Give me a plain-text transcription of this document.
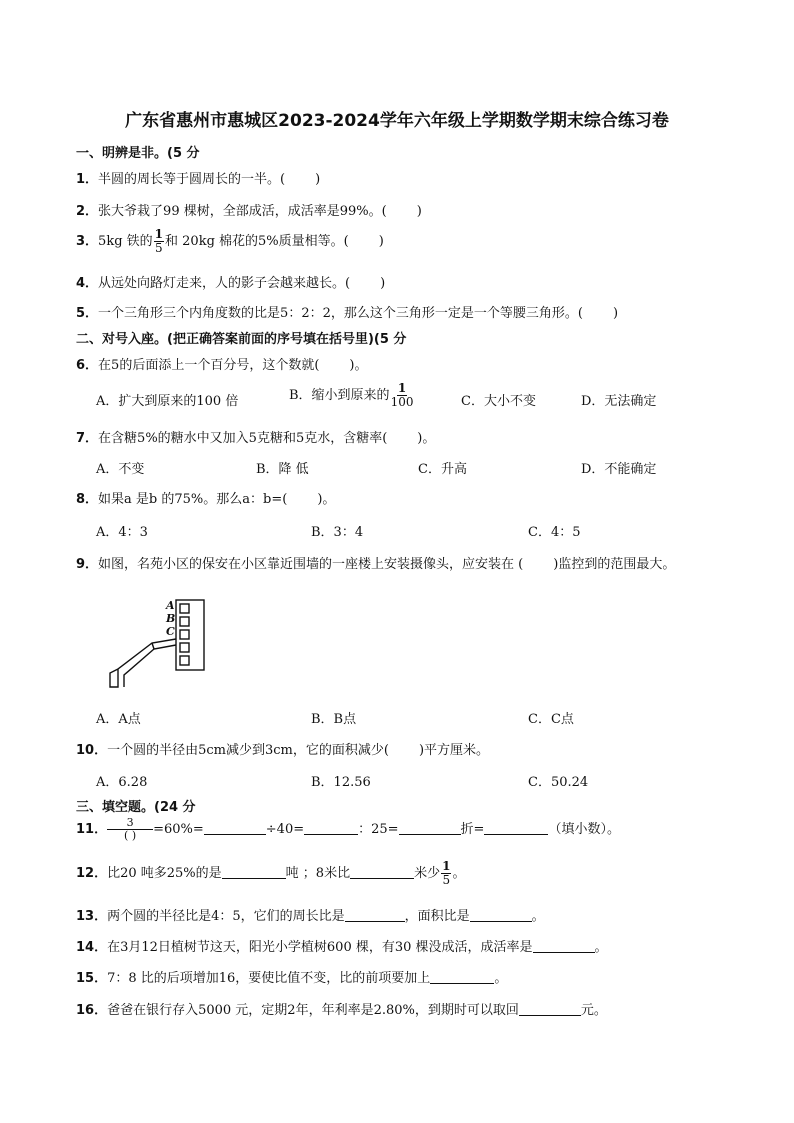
广东省惠州市惠城区2023-2024学年六年级上学期数学期末综合练习卷
一、明辨是非。(5 分
1．半圆的周长等于圆周长的一半。( )
2．张大爷栽了99 棵树，全部成活，成活率是99%。( )
3．5kg 铁的 $\frac{1}{5}$ 和 20kg 棉花的5%质量相等。( )
4．从远处向路灯走来，人的影子会越来越长。( )
5．一个三角形三个内角度数的比是5：2：2，那么这个三角形一定是一个等腰三角形。( )
二、对号入座。(把正确答案前面的序号填在括号里)(5 分
6．在5的后面添上一个百分号，这个数就( )。
A．扩大到原来的100 倍	B．缩小到原来的 $\frac{1}{100}$	C．大小不变	D．无法确定
7．在含糖5%的糖水中又加入5克糖和5克水，含糖率( )。
A．不变	B．降 低	C．升高	D．不能确定
8．如果a 是b 的75%。那么a：b=( )。
A．4：3	B．3：4	C．4：5
9．如图，名苑小区的保安在小区靠近围墙的一座楼上安装摄像头，应安装在 ( )监控到的范围最大。
A
B
C
A．A点	B．B点	C．C点
10．一个圆的半径由5cm减少到3cm，它的面积减少( )平方厘米。
A．6.28	B．12.56	C．50.24
三、填空题。(24 分
11． $\frac{3}{( )} =60\%=$	÷40=	：25=	折=	（填小数）。
12．比20 吨多25%的是	吨 ；8米比	米少 $\frac{1}{5}$ 。
13．两个圆的半径比是4：5，它们的周长比是	，面积比是	。
14．在3月12日植树节这天，阳光小学植树600 棵，有30 棵没成活，成活率是	。
15．7：8 比的后项增加16，要使比值不变，比的前项要加上	。
16．爸爸在银行存入5000 元，定期2年，年利率是2.80%，到期时可以取回	元。
